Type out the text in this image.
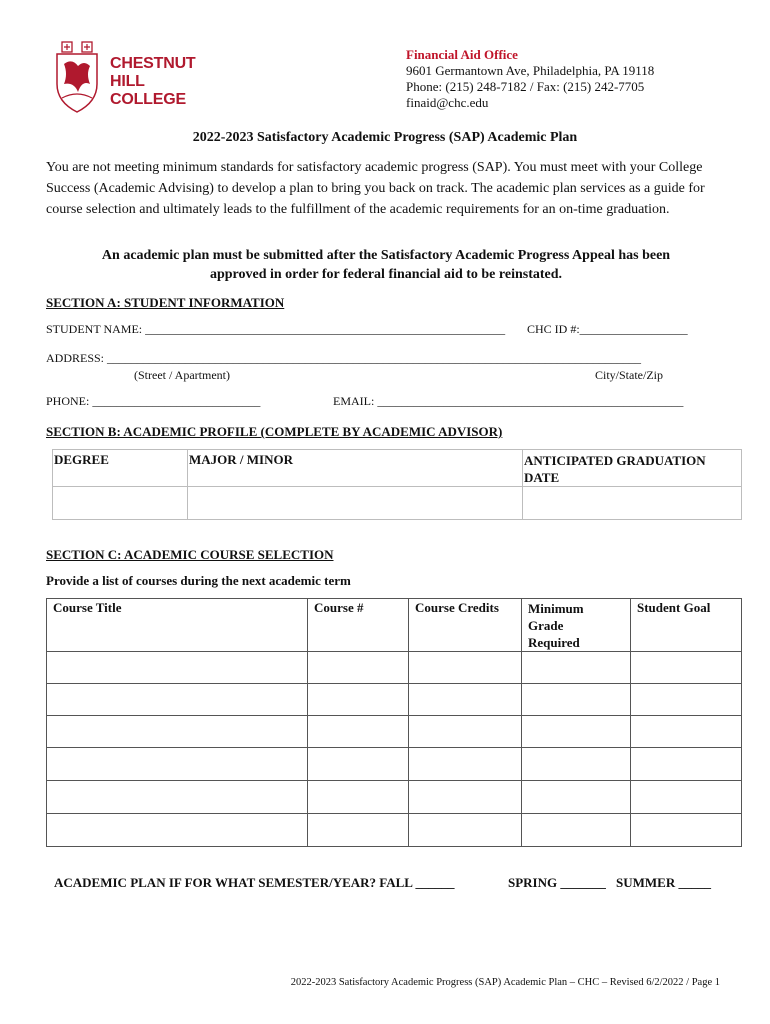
CHESTNUT
HILL
COLLEGE
Financial Aid Office
9601 Germantown Ave, Philadelphia, PA 19118
Phone: (215) 248-7182 / Fax: (215) 242-7705
finaid@chc.edu
2022-2023 Satisfactory Academic Progress (SAP) Academic Plan
You are not meeting minimum standards for satisfactory academic progress (SAP). You must meet with your College Success (Academic Advising) to develop a plan to bring you back on track. The academic plan services as a guide for course selection and ultimately leads to the fulfillment of the academic requirements for an on-time graduation.
An academic plan must be submitted after the Satisfactory Academic Progress Appeal has been
approved in order for federal financial aid to be reinstated.
SECTION A: STUDENT INFORMATION
STUDENT NAME: ____________________________________________________________ CHC ID #:__________________
ADDRESS: _________________________________________________________________________________________
(Street / Apartment)	City/State/Zip
PHONE: ____________________________	EMAIL: ___________________________________________________
SECTION B: ACADEMIC PROFILE (COMPLETE BY ACADEMIC ADVISOR)
DEGREE	MAJOR / MINOR	ANTICIPATED GRADUATION
DATE

SECTION C: ACADEMIC COURSE SELECTION
Provide a list of courses during the next academic term
Course Title	Course #	Course Credits	Minimum
Grade
Required	Student Goal

ACADEMIC PLAN IF FOR WHAT SEMESTER/YEAR? FALL ______	SPRING _______ SUMMER _____
2022-2023 Satisfactory Academic Progress (SAP) Academic Plan – CHC – Revised 6/2/2022 / Page 1
